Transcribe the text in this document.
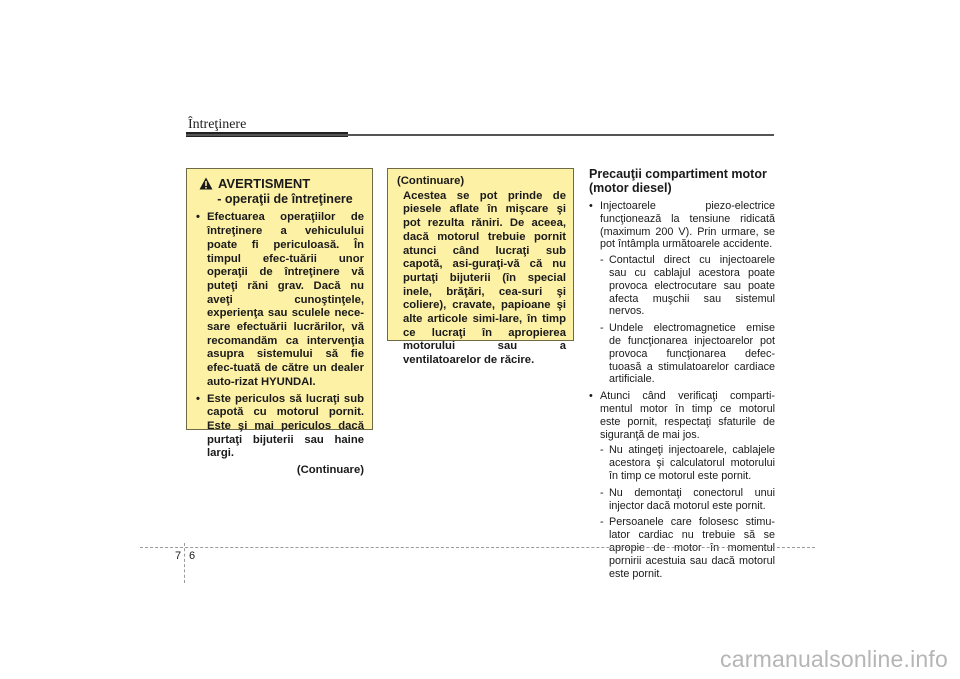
Întreţinere
AVERTISMENT
- operaţii de întreţinere
• Efectuarea operaţiilor de întreţinere a vehiculului poate fi periculoasă. În timpul efec-tuării unor operaţii de întreţinere vă puteţi răni grav. Dacă nu aveţi cunoştinţele, experienţa sau sculele nece-sare efectuării lucrărilor, vă recomandăm ca intervenţia asupra sistemului să fie efec-tuată de către un dealer auto-rizat HYUNDAI.
• Este periculos să lucraţi sub capotă cu motorul pornit. Este şi mai periculos dacă purtaţi bijuterii sau haine largi.
(Continuare)
(Continuare)
Acestea se pot prinde de piesele aflate în mişcare şi pot rezulta răniri. De aceea, dacă motorul trebuie pornit atunci când lucraţi sub capotă, asi-guraţi-vă că nu purtaţi bijuterii (în special inele, brăţări, cea-suri şi coliere), cravate, papioane şi alte articole simi-lare, în timp ce lucraţi în apropierea motorului sau a ventilatoarelor de răcire.
Precauţii compartiment motor (motor diesel)
• Injectoarele piezo-electrice funcţionează la tensiune ridicată (maximum 200 V). Prin urmare, se pot întâmpla următoarele accidente.
- Contactul direct cu injectoarele sau cu cablajul acestora poate provoca electrocutare sau poate afecta muşchii sau sistemul nervos.
- Undele electromagnetice emise de funcţionarea injectoarelor pot provoca funcţionarea defec-tuoasă a stimulatoarelor cardiace artificiale.
• Atunci când verificaţi comparti-mentul motor în timp ce motorul este pornit, respectaţi sfaturile de siguranţă de mai jos.
- Nu atingeţi injectoarele, cablajele acestora şi calculatorul motorului în timp ce motorul este pornit.
- Nu demontaţi conectorul unui injector dacă motorul este pornit.
- Persoanele care folosesc stimu-lator cardiac nu trebuie să se apropie de motor în momentul pornirii acestuia sau dacă motorul este pornit.
7 6
carmanualsonline.info
